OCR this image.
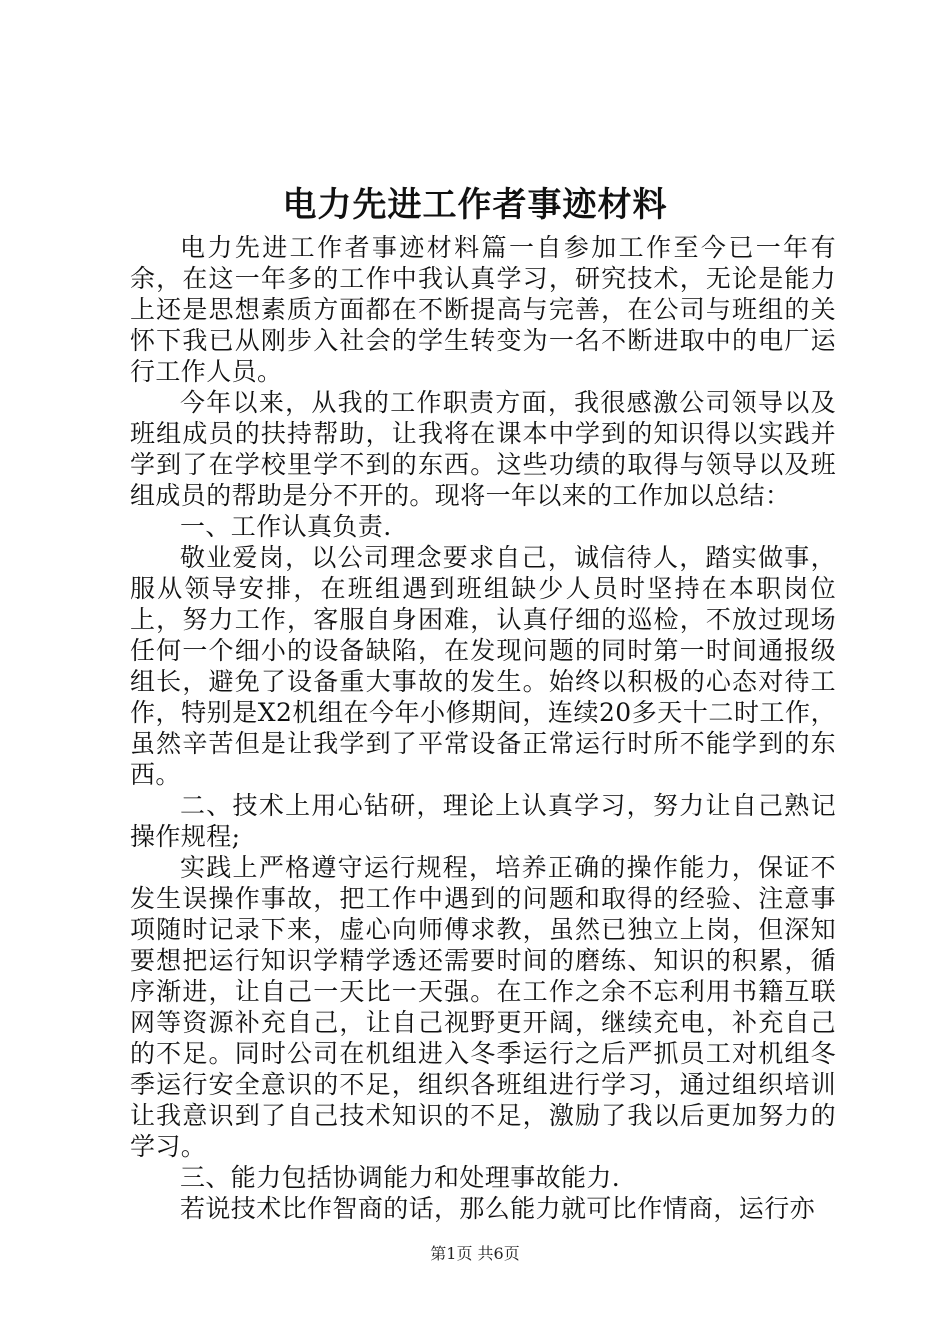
电力先进工作者事迹材料

电力先进工作者事迹材料篇一自参加工作至今已一年有余，在这一年多的工作中我认真学习，研究技术，无论是能力上还是思想素质方面都在不断提高与完善，在公司与班组的关怀下我已从刚步入社会的学生转变为一名不断进取中的电厂运行工作人员。

今年以来，从我的工作职责方面，我很感激公司领导以及班组成员的扶持帮助，让我将在课本中学到的知识得以实践并学到了在学校里学不到的东西。这些功绩的取得与领导以及班组成员的帮助是分不开的。现将一年以来的工作加以总结：

一、工作认真负责.

敬业爱岗，以公司理念要求自己，诚信待人，踏实做事，服从领导安排，在班组遇到班组缺少人员时坚持在本职岗位上，努力工作，客服自身困难，认真仔细的巡检，不放过现场任何一个细小的设备缺陷，在发现问题的同时第一时间通报级组长，避免了设备重大事故的发生。始终以积极的心态对待工作，特别是X2机组在今年小修期间，连续20多天十二时工作，虽然辛苦但是让我学到了平常设备正常运行时所不能学到的东西。

二、技术上用心钻研，理论上认真学习，努力让自己熟记操作规程;

实践上严格遵守运行规程，培养正确的操作能力，保证不发生误操作事故，把工作中遇到的问题和取得的经验、注意事项随时记录下来，虚心向师傅求教，虽然已独立上岗，但深知要想把运行知识学精学透还需要时间的磨练、知识的积累，循序渐进，让自己一天比一天强。在工作之余不忘利用书籍互联网等资源补充自己，让自己视野更开阔，继续充电，补充自己的不足。同时公司在机组进入冬季运行之后严抓员工对机组冬季运行安全意识的不足，组织各班组进行学习，通过组织培训让我意识到了自己技术知识的不足，激励了我以后更加努力的学习。

三、能力包括协调能力和处理事故能力.

若说技术比作智商的话，那么能力就可比作情商，运行亦

第1页 共6页
